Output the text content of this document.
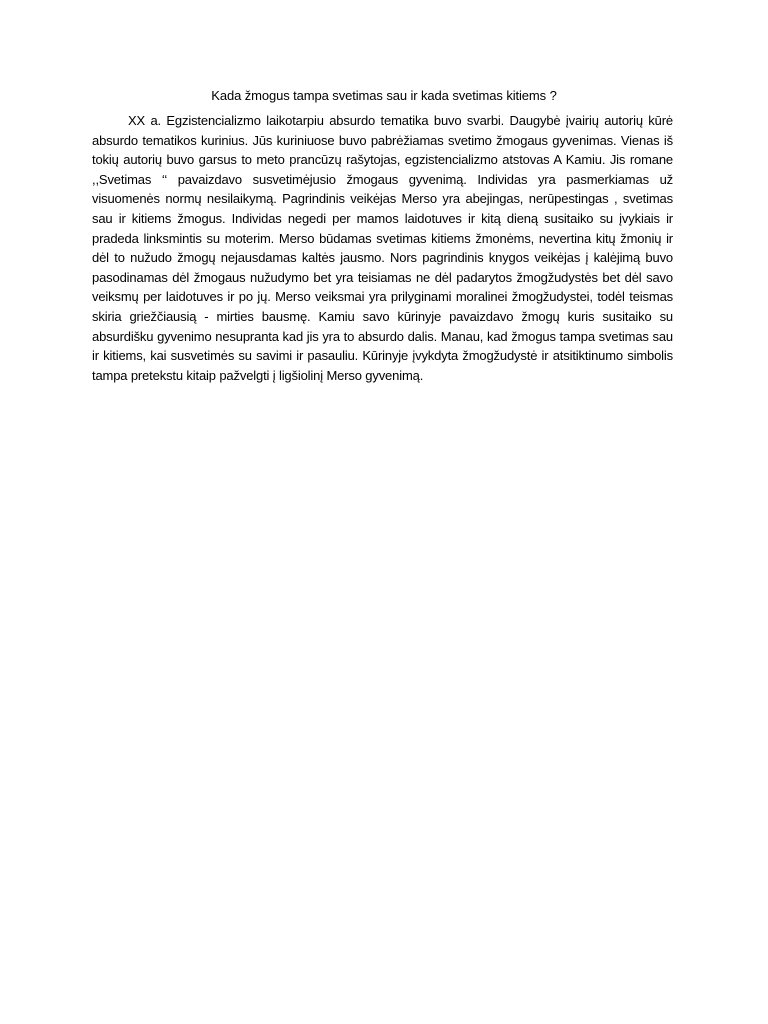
Kada žmogus tampa svetimas sau ir kada svetimas kitiems ?

XX a. Egzistencializmo laikotarpiu absurdo tematika buvo svarbi. Daugybė įvairių autorių kūrė absurdo tematikos kurinius. Jūs kuriniuose buvo pabrėžiamas svetimo žmogaus gyvenimas. Vienas iš tokių autorių buvo garsus to meto prancūzų rašytojas, egzistencializmo atstovas A Kamiu. Jis romane ,,Svetimas ‘‘ pavaizdavo susvetimėjusio žmogaus gyvenimą. Individas yra pasmerkiamas už visuomenės normų nesilaikymą. Pagrindinis veikėjas Merso yra abejingas, nerūpestingas , svetimas sau ir kitiems žmogus. Individas negedi per mamos laidotuves ir kitą dieną susitaiko su įvykiais ir pradeda linksmintis su moterim. Merso būdamas svetimas kitiems žmonėms, nevertina kitų žmonių ir dėl to nužudo žmogų nejausdamas kaltės jausmo. Nors pagrindinis knygos veikėjas į kalėjimą buvo pasodinamas dėl žmogaus nužudymo bet yra teisiamas ne dėl padarytos žmogžudystės bet dėl savo veiksmų per laidotuves ir po jų. Merso veiksmai yra prilyginami moralinei žmogžudystei, todėl teismas skiria griežčiausią - mirties bausmę. Kamiu savo kūrinyje pavaizdavo žmogų kuris susitaiko su absurdišku gyvenimo nesupranta kad jis yra to absurdo dalis. Manau, kad žmogus tampa svetimas sau ir kitiems, kai susvetimės su savimi ir pasauliu. Kūrinyje įvykdyta žmogžudystė ir atsitiktinumo simbolis tampa pretekstu kitaip pažvelgti į ligšiolinį Merso gyvenimą.
